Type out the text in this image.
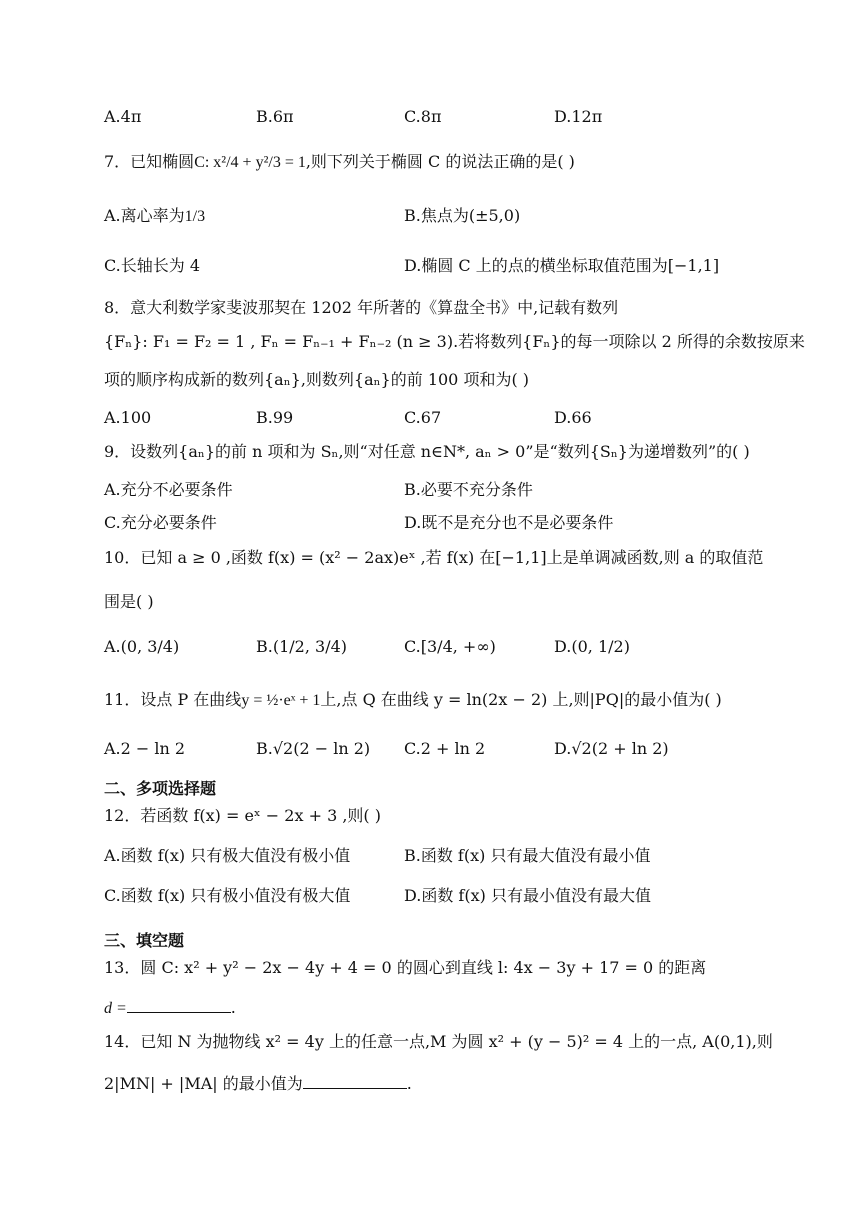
A.4π	B.6π	C.8π	D.12π
7．已知椭圆C: x²/4 + y²/3 = 1,则下列关于椭圆 C 的说法正确的是( )
A.离心率为1/3	B.焦点为(±5,0)
C.长轴长为 4	D.椭圆 C 上的点的横坐标取值范围为[−1,1]
8．意大利数学家斐波那契在 1202 年所著的《算盘全书》中,记载有数列
{Fₙ}: F₁ = F₂ = 1 , Fₙ = Fₙ₋₁ + Fₙ₋₂ (n ≥ 3).若将数列{Fₙ}的每一项除以 2 所得的余数按原来
项的顺序构成新的数列{aₙ},则数列{aₙ}的前 100 项和为( )
A.100	B.99	C.67	D.66
9．设数列{aₙ}的前 n 项和为 Sₙ,则“对任意 n∈N*, aₙ > 0”是“数列{Sₙ}为递增数列”的( )
A.充分不必要条件	B.必要不充分条件
C.充分必要条件	D.既不是充分也不是必要条件
10．已知 a ≥ 0 ,函数 f(x) = (x² − 2ax)eˣ ,若 f(x) 在[−1,1]上是单调减函数,则 a 的取值范
围是( )
A.(0, 3/4)	B.(1/2, 3/4)	C.[3/4, +∞)	D.(0, 1/2)
11．设点 P 在曲线y = ½·eˣ + 1上,点 Q 在曲线 y = ln(2x − 2) 上,则|PQ|的最小值为( )
A.2 − ln 2	B.√2(2 − ln 2) C.2 + ln 2	D.√2(2 + ln 2)
二、多项选择题
12．若函数 f(x) = eˣ − 2x + 3 ,则( )
A.函数 f(x) 只有极大值没有极小值	B.函数 f(x) 只有最大值没有最小值
C.函数 f(x) 只有极小值没有极大值	D.函数 f(x) 只有最小值没有最大值
三、填空题
13．圆 C: x² + y² − 2x − 4y + 4 = 0 的圆心到直线 l: 4x − 3y + 17 = 0 的距离
d =	.
14．已知 N 为抛物线 x² = 4y 上的任意一点,M 为圆 x² + (y − 5)² = 4 上的一点, A(0,1),则
2|MN| + |MA| 的最小值为	.
